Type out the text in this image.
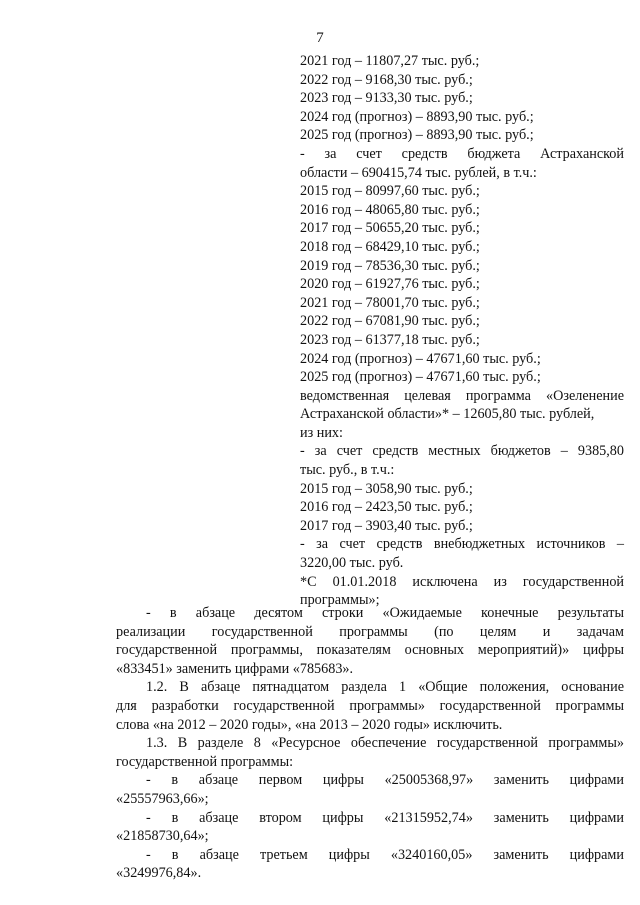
7
2021 год – 11807,27 тыс. руб.;
2022 год – 9168,30 тыс. руб.;
2023 год – 9133,30 тыс. руб.;
2024 год (прогноз) – 8893,90 тыс. руб.;
2025 год (прогноз) – 8893,90 тыс. руб.;
- за счет средств бюджета Астраханской
области – 690415,74 тыс. рублей, в т.ч.:
2015 год – 80997,60 тыс. руб.;
2016 год – 48065,80 тыс. руб.;
2017 год – 50655,20 тыс. руб.;
2018 год – 68429,10 тыс. руб.;
2019 год – 78536,30 тыс. руб.;
2020 год – 61927,76 тыс. руб.;
2021 год – 78001,70 тыс. руб.;
2022 год – 67081,90 тыс. руб.;
2023 год – 61377,18 тыс. руб.;
2024 год (прогноз) – 47671,60 тыс. руб.;
2025 год (прогноз) – 47671,60 тыс. руб.;
ведомственная целевая программа «Озеленение
Астраханской области»* – 12605,80 тыс. рублей,
из них:
- за счет средств местных бюджетов – 9385,80
тыс. руб., в т.ч.:
2015 год – 3058,90 тыс. руб.;
2016 год – 2423,50 тыс. руб.;
2017 год – 3903,40 тыс. руб.;
- за счет средств внебюджетных источников –
3220,00 тыс. руб.
*С 01.01.2018 исключена из государственной
программы»;
- в абзаце десятом строки «Ожидаемые конечные результаты
реализации государственной программы (по целям и задачам
государственной программы, показателям основных мероприятий)» цифры
«833451» заменить цифрами «785683».
1.2. В абзаце пятнадцатом раздела 1 «Общие положения, основание
для разработки государственной программы» государственной программы
слова «на 2012 – 2020 годы», «на 2013 – 2020 годы» исключить.
1.3. В разделе 8 «Ресурсное обеспечение государственной программы»
государственной программы:
- в абзаце первом цифры «25005368,97» заменить цифрами
«25557963,66»;
- в абзаце втором цифры «21315952,74» заменить цифрами
«21858730,64»;
- в абзаце третьем цифры «3240160,05» заменить цифрами
«3249976,84».
